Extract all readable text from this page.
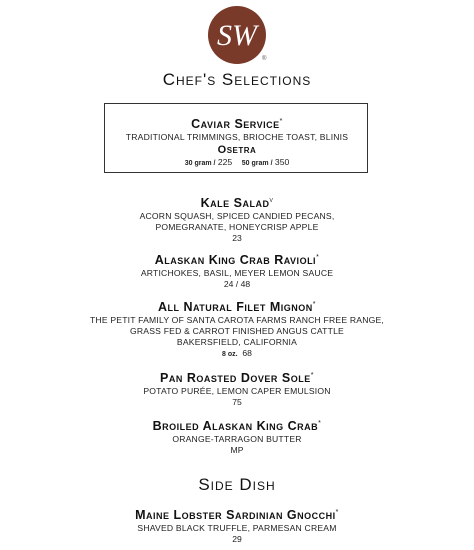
SW
®
Chef's Selections
Caviar Service*
TRADITIONAL TRIMMINGS, BRIOCHE TOAST, BLINIS
Osetra
30 gram / 225 50 gram / 350
Kale Salad$^v$
ACORN SQUASH, SPICED CANDIED PECANS,
POMEGRANATE, HONEYCRISP APPLE
23
Alaskan King Crab Ravioli*
ARTICHOKES, BASIL, MEYER LEMON SAUCE
24 / 48
All Natural Filet Mignon*
THE PETIT FAMILY OF SANTA CAROTA FARMS RANCH FREE RANGE,
GRASS FED & CARROT FINISHED ANGUS CATTLE
BAKERSFIELD, CALIFORNIA
8 oz. 68
Pan Roasted Dover Sole*
POTATO PURÉE, LEMON CAPER EMULSION
75
Broiled Alaskan King Crab*
ORANGE-TARRAGON BUTTER
MP
Side Dish
Maine Lobster Sardinian Gnocchi*
SHAVED BLACK TRUFFLE, PARMESAN CREAM
29
